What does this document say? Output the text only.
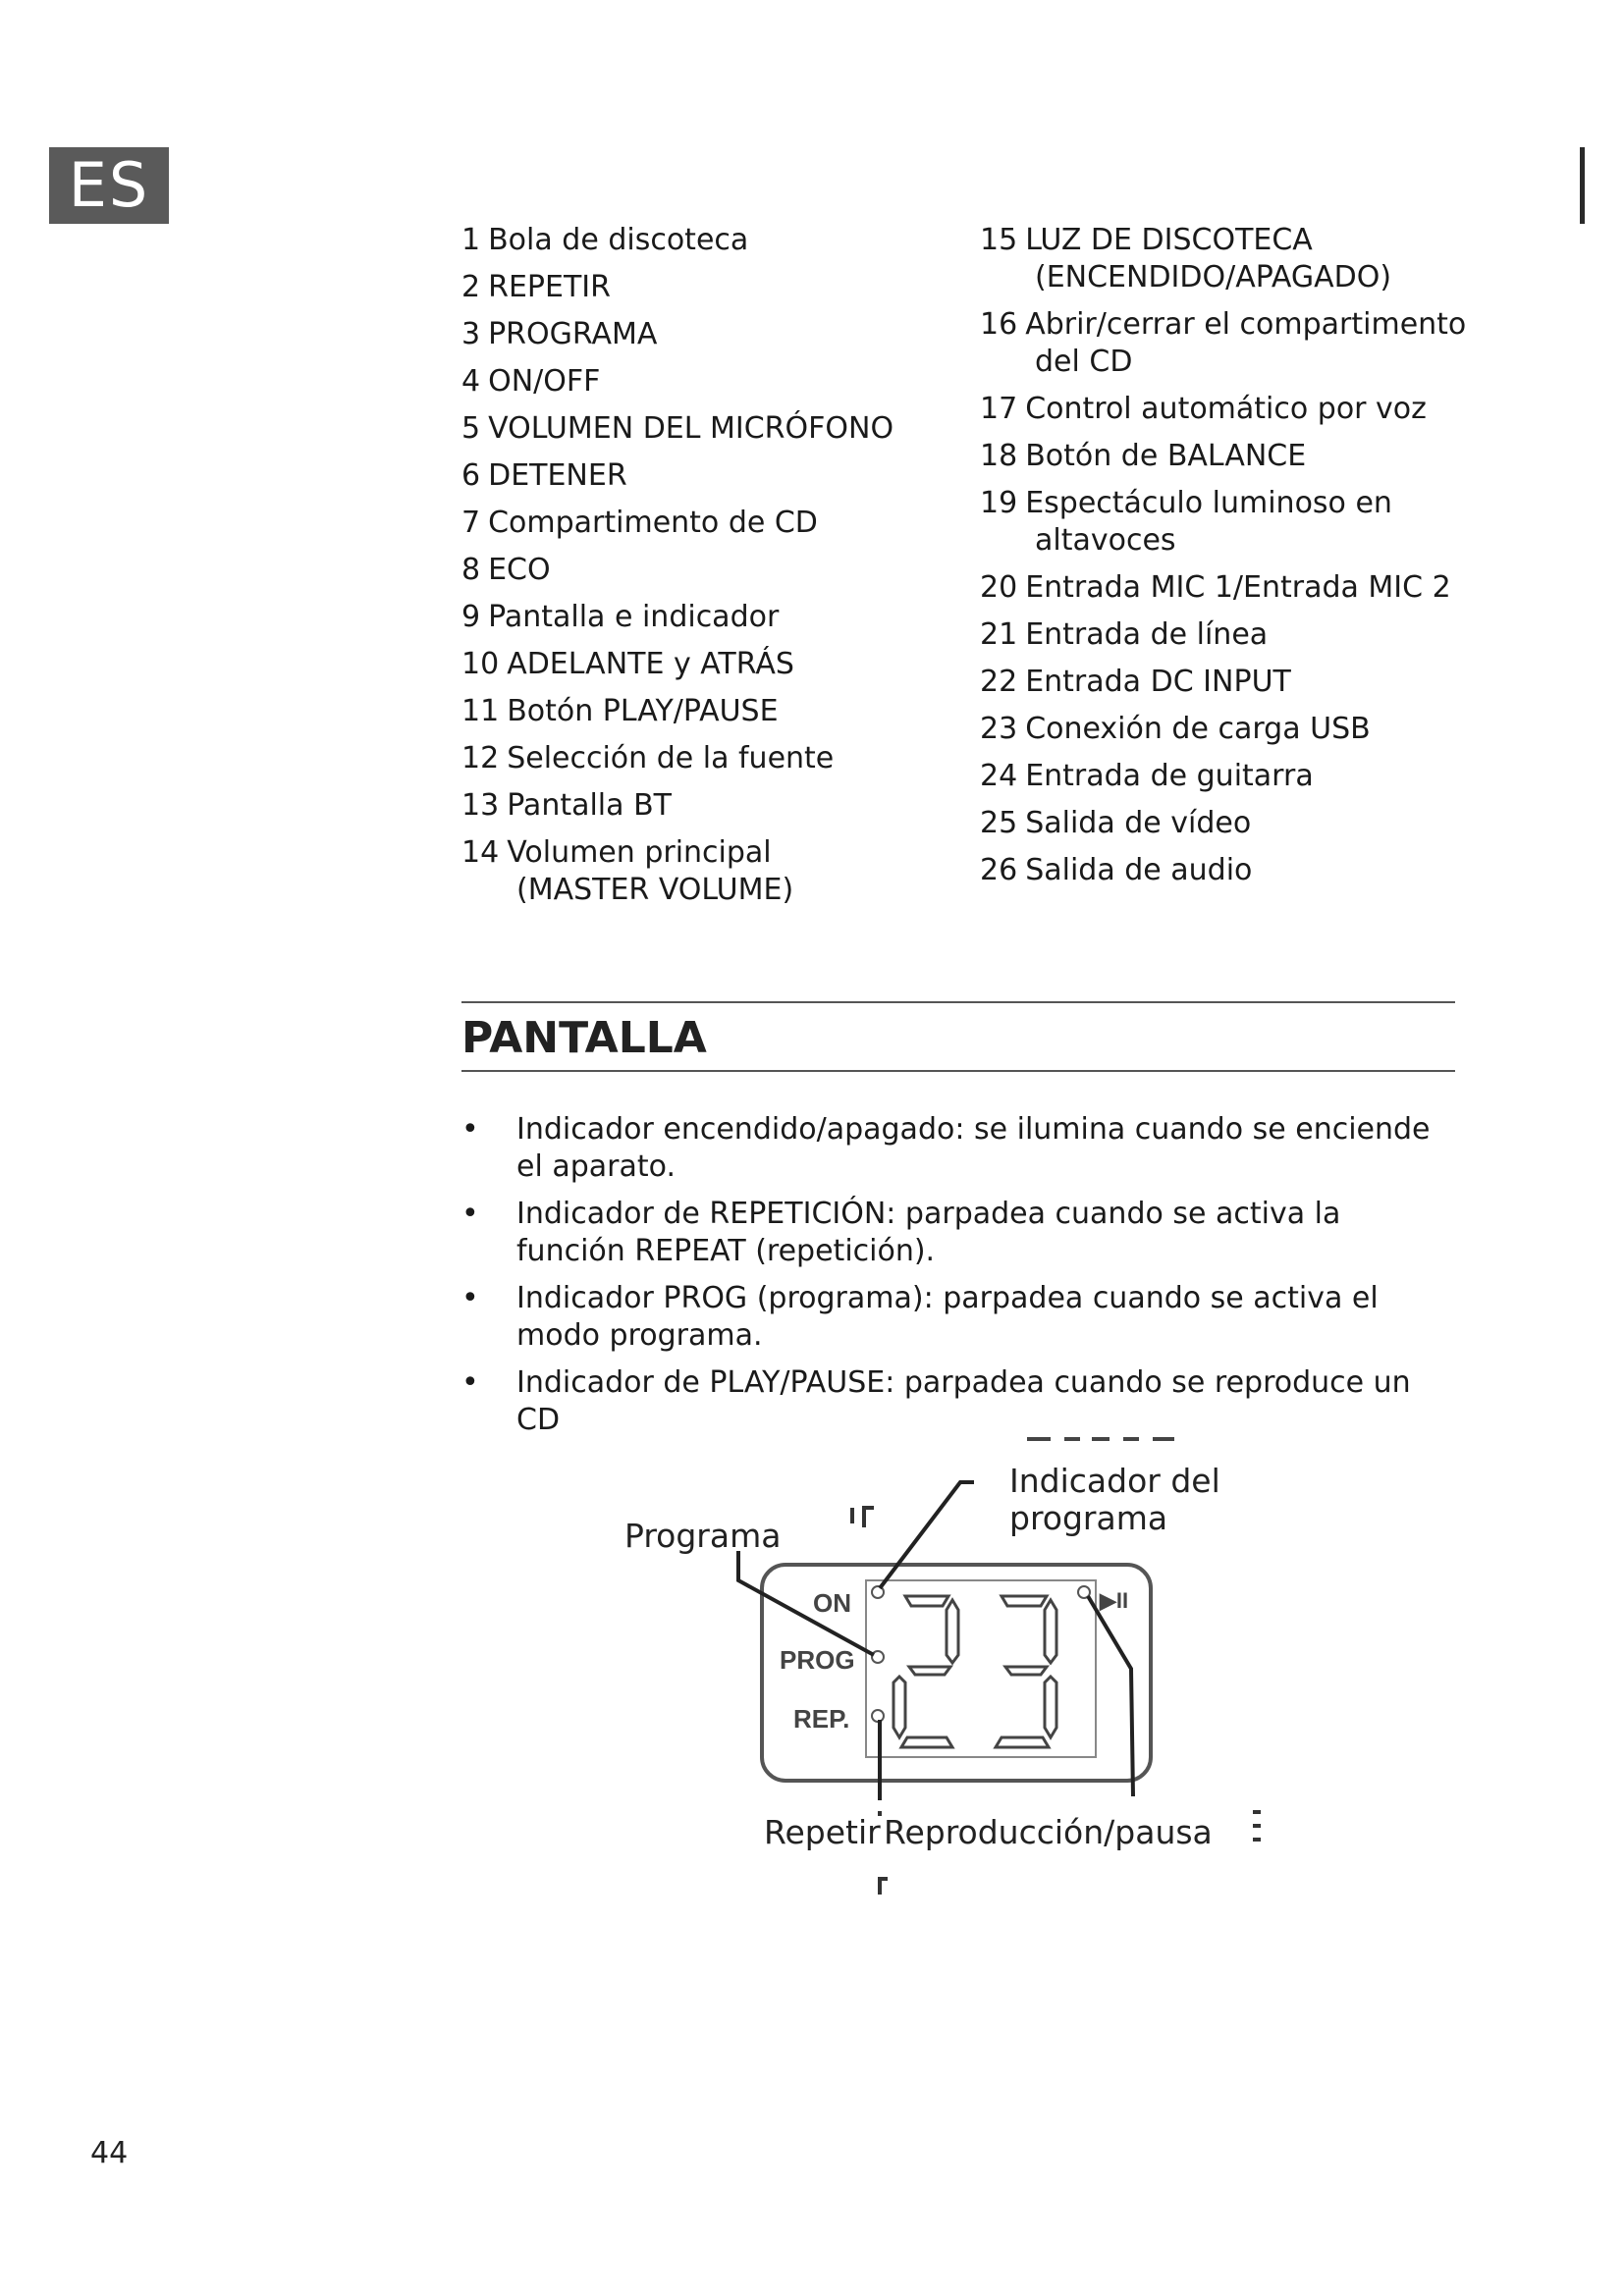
ES
1 Bola de discoteca
2 REPETIR
3 PROGRAMA
4 ON/OFF
5 VOLUMEN DEL MICRÓFONO
6 DETENER
7 Compartimento de CD
8 ECO
9 Pantalla e indicador
10 ADELANTE y ATRÁS
11 Botón PLAY/PAUSE
12 Selección de la fuente
13 Pantalla BT
14 Volumen principal (MASTER VOLUME)
15 LUZ DE DISCOTECA (ENCENDIDO/APAGADO)
16 Abrir/cerrar el compartimento del CD
17 Control automático por voz
18 Botón de BALANCE
19 Espectáculo luminoso en altavoces
20 Entrada MIC 1/Entrada MIC 2
21 Entrada de línea
22 Entrada DC INPUT
23 Conexión de carga USB
24 Entrada de guitarra
25 Salida de vídeo
26 Salida de audio
PANTALLA
• Indicador encendido/apagado: se ilumina cuando se enciende el aparato.
• Indicador de REPETICIÓN: parpadea cuando se activa la función REPEAT (repetición).
• Indicador PROG (programa): parpadea cuando se activa el modo programa.
• Indicador de PLAY/PAUSE: parpadea cuando se reproduce un CD
ON
PROG
REP.
▶II
Programa
Indicador del
programa
Repetir Reproducción/pausa
44
